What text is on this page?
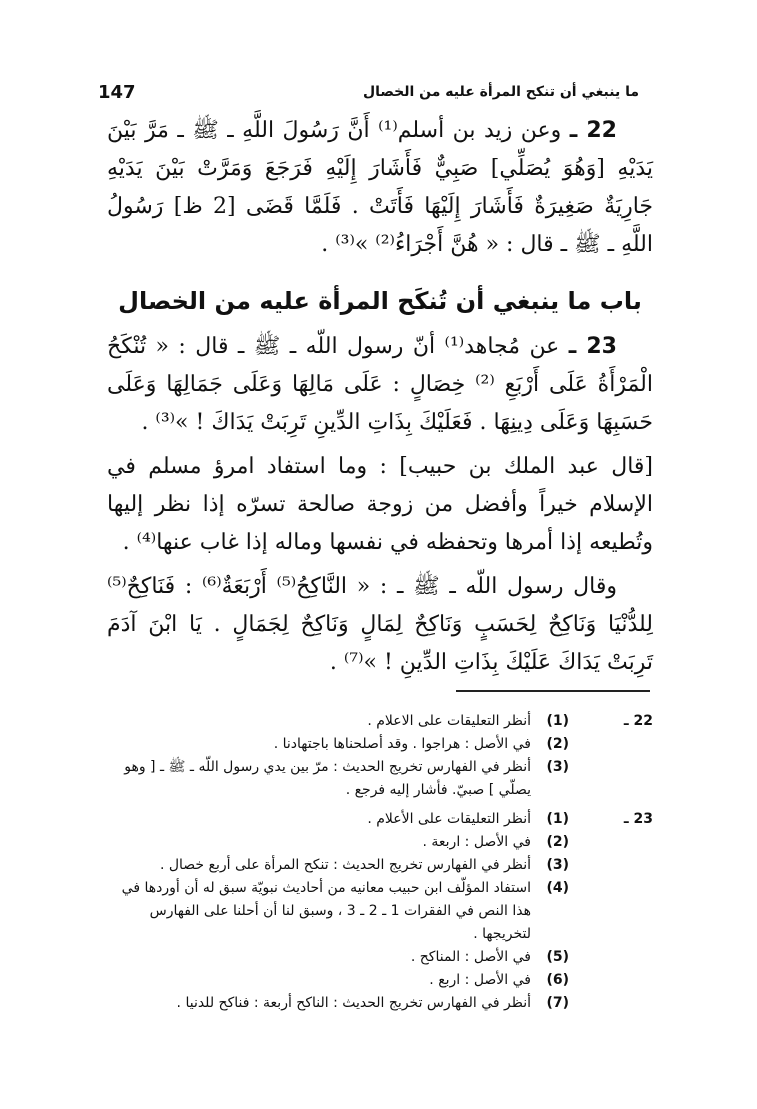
147	ما ينبغي أن تنكح المرأة عليه من الخصال

22 ـ وعن زيد بن أسلم⁽¹⁾ أَنَّ رَسُولَ اللَّهِ ـ ﷺ ـ مَرَّ بَيْنَ يَدَيْهِ [وَهُوَ يُصَلِّي] صَبِيٌّ فَأَشَارَ إِلَيْهِ فَرَجَعَ وَمَرَّتْ بَيْنَ يَدَيْهِ جَارِيَةٌ صَغِيرَةٌ فَأَشَارَ إِلَيْهَا فَأَتَتْ . فَلَمَّا قَضَى [2 ظ] رَسُولُ اللَّهِ ـ ﷺ ـ قال : « هُنَّ أَجْرَاءُ⁽²⁾ »⁽³⁾ .

باب ما ينبغي أن تُنكَح المرأة عليه من الخصال

23 ـ عن مُجاهد⁽¹⁾ أنّ رسول اللّه ـ ﷺ ـ قال : « تُنْكَحُ الْمَرْأَةُ عَلَى أَرْبَعِ ⁽²⁾ خِصَالٍ : عَلَى مَالِهَا وَعَلَى جَمَالِهَا وَعَلَى حَسَبِهَا وَعَلَى دِينِهَا . فَعَلَيْكَ بِذَاتِ الدِّينِ تَرِبَتْ يَدَاكَ ! »⁽³⁾ .

[قال عبد الملك بن حبيب] : وما استفاد امرؤ مسلم في الإسلام خيراً وأفضل من زوجة صالحة تسرّه إذا نظر إليها وتُطيعه إذا أمرها وتحفظه في نفسها وماله إذا غاب عنها⁽⁴⁾ .

وقال رسول اللّه ـ ﷺ ـ : « النَّاكِحُ⁽⁵⁾ أَرْبَعَةٌ⁽⁶⁾ : فَنَاكِحٌ⁽⁵⁾ لِلدُّنْيَا وَنَاكِحٌ لِحَسَبٍ وَنَاكِحٌ لِمَالٍ وَنَاكِحٌ لِجَمَالٍ . يَا ابْنَ آدَمَ تَرِبَتْ يَدَاكَ عَلَيْكَ بِذَاتِ الدِّينِ ! »⁽⁷⁾ .

22 ـ
(1)
أنظر التعليقات على الاعلام .
(2)
في الأصل : هراجوا . وقد أصلحناها باجتهادنا .
(3)
أنظر في الفهارس تخريج الحديث : مرّ بين يدي رسول اللّه ـ ﷺ ـ [ وهو يصلّي ] صبيّ. فأشار إليه فرجع .
23 ـ
(1)
أنظر التعليقات على الأعلام .
(2)
في الأصل : اربعة .
(3)
أنظر في الفهارس تخريج الحديث : تنكح المرأة على أربع خصال .
(4)
استفاد المؤلّف ابن حبيب معانيه من أحاديث نبويّة سبق له أن أوردها في هذا النص في الفقرات 1 ـ 2 ـ 3 ، وسبق لنا أن أحلنا على الفهارس لتخريجها .
(5)
في الأصل : المناكح .
(6)
في الأصل : اربع .
(7)
أنظر في الفهارس تخريج الحديث : الناكح أربعة : فناكح للدنيا .
